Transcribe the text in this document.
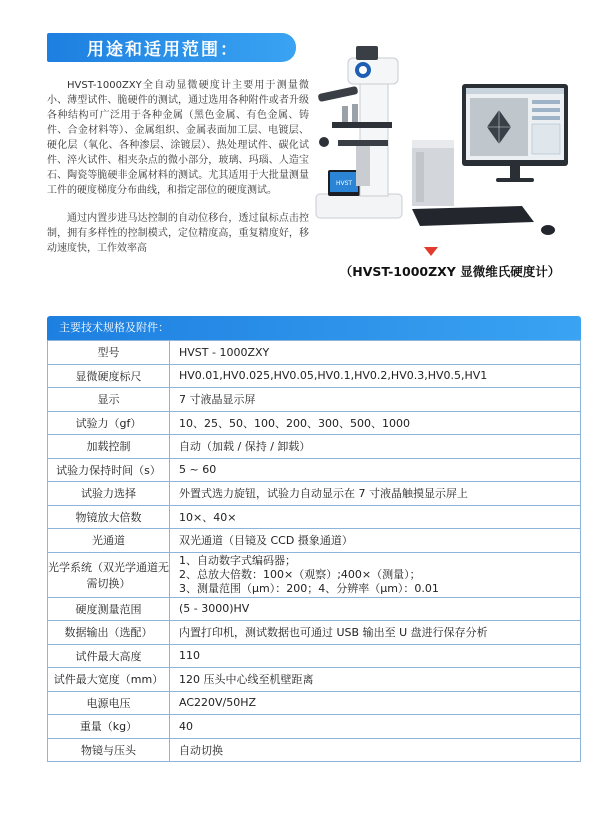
用途和适用范围：

HVST-1000ZXY全自动显微硬度计主要用于测量微小、薄型试件、脆硬件的测试，通过选用各种附件或者升级各种结构可广泛用于各种金属（黑色金属、有色金属、铸件、合金材料等）、金属组织、金属表面加工层、电镀层、硬化层（氧化、各种渗层、涂镀层）、热处理试件、碳化试件、淬火试件、相夹杂点的微小部分，玻璃、玛瑙、人造宝石、陶瓷等脆硬非金属材料的测试。尤其适用于大批量测量工件的硬度梯度分布曲线，和指定部位的硬度测试。

通过内置步进马达控制的自动位移台，透过鼠标点击控制，拥有多样性的控制模式，定位精度高，重复精度好，移动速度快，工作效率高

HVST
（HVST-1000ZXY 显微维氏硬度计）
主要技术规格及附件：
型号	HVST - 1000ZXY
显微硬度标尺	HV0.01,HV0.025,HV0.05,HV0.1,HV0.2,HV0.3,HV0.5,HV1
显示	7 寸液晶显示屏
试验力（gf）	10、25、50、100、200、300、500、1000
加载控制	自动（加载 / 保持 / 卸载）
试验力保持时间（s）	5 ~ 60
试验力选择	外置式选力旋钮，试验力自动显示在 7 寸液晶触摸显示屏上
物镜放大倍数	10×、40×
光通道	双光通道（目镜及 CCD 摄象通道）
光学系统（双光学通道无需切换）	1、自动数字式编码器；
2、总放大倍数：100×（观察）;400×（测量）；
3、测量范围（μm）：200；4、分辨率（μm）：0.01

硬度测量范围	(5 - 3000)HV
数据输出（选配）	内置打印机，测试数据也可通过 USB 输出至 U 盘进行保存分析
试件最大高度	110
试件最大宽度（mm）	120 压头中心线至机壁距离
电源电压	AC220V/50HZ
重量（kg）	40
物镜与压头	自动切换
